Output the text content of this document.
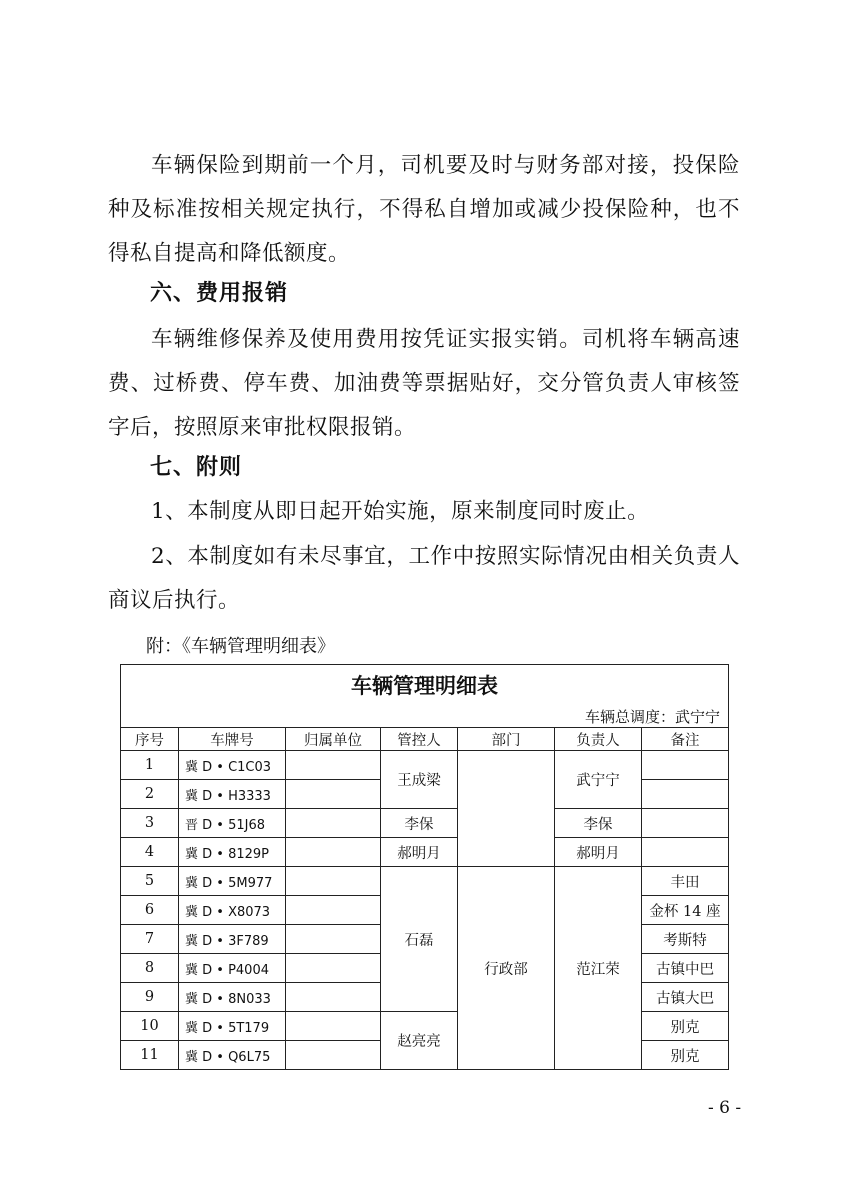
车辆保险到期前一个月，司机要及时与财务部对接，投保险种及标准按相关规定执行，不得私自增加或减少投保险种，也不得私自提高和降低额度。

六、费用报销

车辆维修保养及使用费用按凭证实报实销。司机将车辆高速费、过桥费、停车费、加油费等票据贴好，交分管负责人审核签字后，按照原来审批权限报销。

七、附则

1、本制度从即日起开始实施，原来制度同时废止。

2、本制度如有未尽事宜，工作中按照实际情况由相关负责人商议后执行。

附：《车辆管理明细表》
车辆管理明细表						
车辆总调度：武宁宁						
序号	车牌号	归属单位	管控人	部门	负责人	备注
1	冀 D • C1C03		王成梁		武宁宁	
2	冀 D • H3333					
3	晋 D • 51J68		李保		李保	
4	冀 D • 8129P		郝明月		郝明月	
5	冀 D • 5M977		石磊	行政部	范江荣	丰田
6	冀 D • X8073					金杯 14 座
7	冀 D • 3F789					考斯特
8	冀 D • P4004					古镇中巴
9	冀 D • 8N033					古镇大巴
10	冀 D • 5T179		赵亮亮			别克
11	冀 D • Q6L75					别克
- 6 -
